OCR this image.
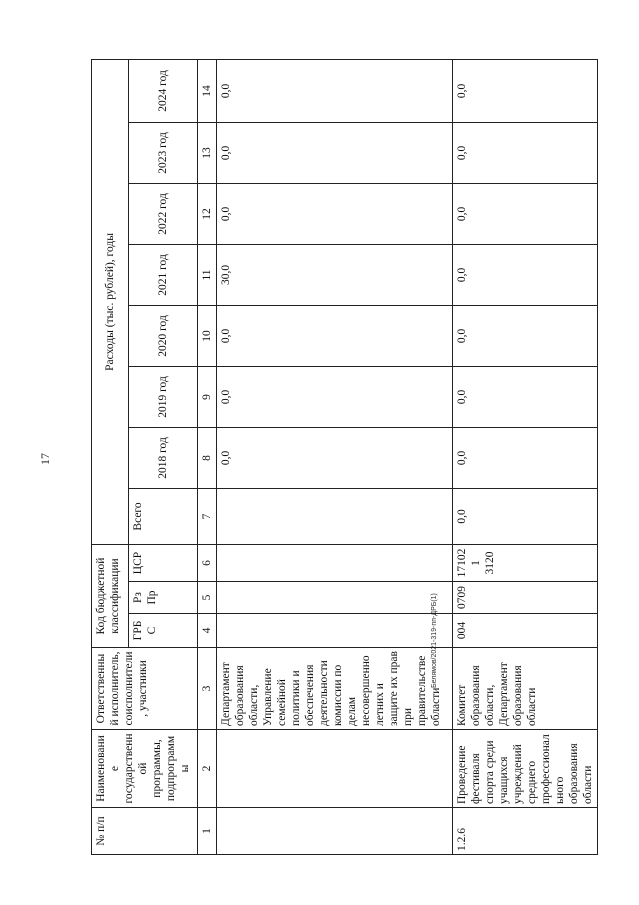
17
Белямов/2021-319-пп-ДРБ(1)
№ п/п	Наименование государственной программы, подпрограммы	Ответственный исполнитель, соисполнители, участники	Код бюджетной классификации			Расходы (тыс. рублей), годы							
			ГРБС	Рз Пр	ЦСР	Всего	2018 год	2019 год	2020 год	2021 год	2022 год	2023 год	2024 год
1	2	3	4	5	6	7	8	9	10	11	12	13	14
		Департамент образования области, Управление семейной политики и обеспечения деятельности комиссии по делам несовершеннолетних и защите их прав при правительстве области					0,0	0,0	0,0	30,0	0,0	0,0	0,0
1.2.6	Проведение фестиваля спорта среди учащихся учреждений среднего профессионального образования области	Комитет образования области, Департамент образования области	004	0709	171021 3120	0,0	0,0	0,0	0,0	0,0	0,0	0,0	0,0
